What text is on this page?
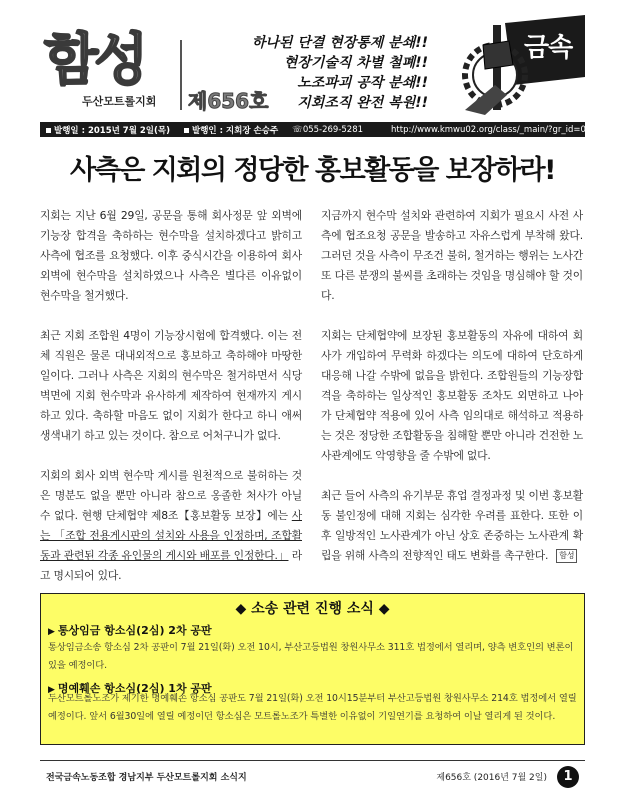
함성
두산모트롤지회 제656호
하나된 단결 현장통제 분쇄!!
현장기술직 차별 철폐!!
노조파괴 공작 분쇄!!
지회조직 완전 복원!!
금속
발행일 : 2015년 7월 2일(목)	발행인 : 지회장 손승주 ☏055-269-5281	http://www.kmwu02.org/class/_main/?gr_id=040
사측은 지회의 정당한 홍보활동을 보장하라!

지회는 지난 6월 29일, 공문을 통해 회사정문 앞 외벽에 기능장 합격을 축하하는 현수막을 설치하겠다고 밝히고 사측에 협조를 요청했다. 이후 중식시간을 이용하여 회사 외벽에 현수막을 설치하였으나 사측은 별다른 이유없이 현수막을 철거했다.

최근 지회 조합원 4명이 기능장시험에 합격했다. 이는 전체 직원은 물론 대내외적으로 홍보하고 축하해야 마땅한 일이다. 그러나 사측은 지회의 현수막은 철거하면서 식당 벽면에 지회 현수막과 유사하게 제작하여 현재까지 게시하고 있다. 축하할 마음도 없이 지회가 한다고 하니 애써 생색내기 하고 있는 것이다. 참으로 어처구니가 없다.

지회의 회사 외벽 현수막 게시를 원천적으로 불허하는 것은 명분도 없을 뿐만 아니라 참으로 옹졸한 처사가 아닐 수 없다. 현행 단체협약 제8조【홍보활동 보장】에는 사는 「조합 전용게시판의 설치와 사용을 인정하며, 조합활동과 관련된 각종 유인물의 게시와 배포를 인정한다.」 라고 명시되어 있다.

지금까지 현수막 설치와 관련하여 지회가 필요시 사전 사측에 협조요청 공문을 발송하고 자유스럽게 부착해 왔다. 그러던 것을 사측이 무조건 불허, 철거하는 행위는 노사간 또 다른 분쟁의 불씨를 초래하는 것임을 명심해야 할 것이다.

지회는 단체협약에 보장된 홍보활동의 자유에 대하여 회사가 개입하여 무력화 하겠다는 의도에 대하여 단호하게 대응해 나갈 수밖에 없음을 밝힌다. 조합원들의 기능장합격을 축하하는 일상적인 홍보활동 조차도 외면하고 나아가 단체협약 적용에 있어 사측 임의대로 해석하고 적용하는 것은 정당한 조합활동을 침해할 뿐만 아니라 건전한 노사관계에도 악영향을 줄 수밖에 없다.

최근 들어 사측의 유기부문 휴업 결정과정 및 이번 홍보활동 불인정에 대해 지회는 심각한 우려를 표한다. 또한 이후 일방적인 노사관계가 아닌 상호 존중하는 노사관계 확립을 위해 사측의 전향적인 태도 변화를 촉구한다. 함성

◆ 소송 관련 진행 소식 ◆
▶ 통상임금 항소심(2심) 2차 공판
통상임금소송 항소심 2차 공판이 7월 21일(화) 오전 10시, 부산고등법원 창원사무소 311호 법정에서 열리며, 양측 변호인의 변론이 있을 예정이다.
▶ 명예훼손 항소심(2심) 1차 공판
두산모트롤노조가 제기한 명예훼손 항소심 공판도 7월 21일(화) 오전 10시15분부터 부산고등법원 창원사무소 214호 법정에서 열릴 예정이다. 앞서 6월30일에 열릴 예정이던 항소심은 모트롤노조가 특별한 이유없이 기일연기를 요청하여 이날 열리게 된 것이다.
전국금속노동조합 경남지부 두산모트롤지회 소식지	제656호 (2016년 7월 2일)	1
